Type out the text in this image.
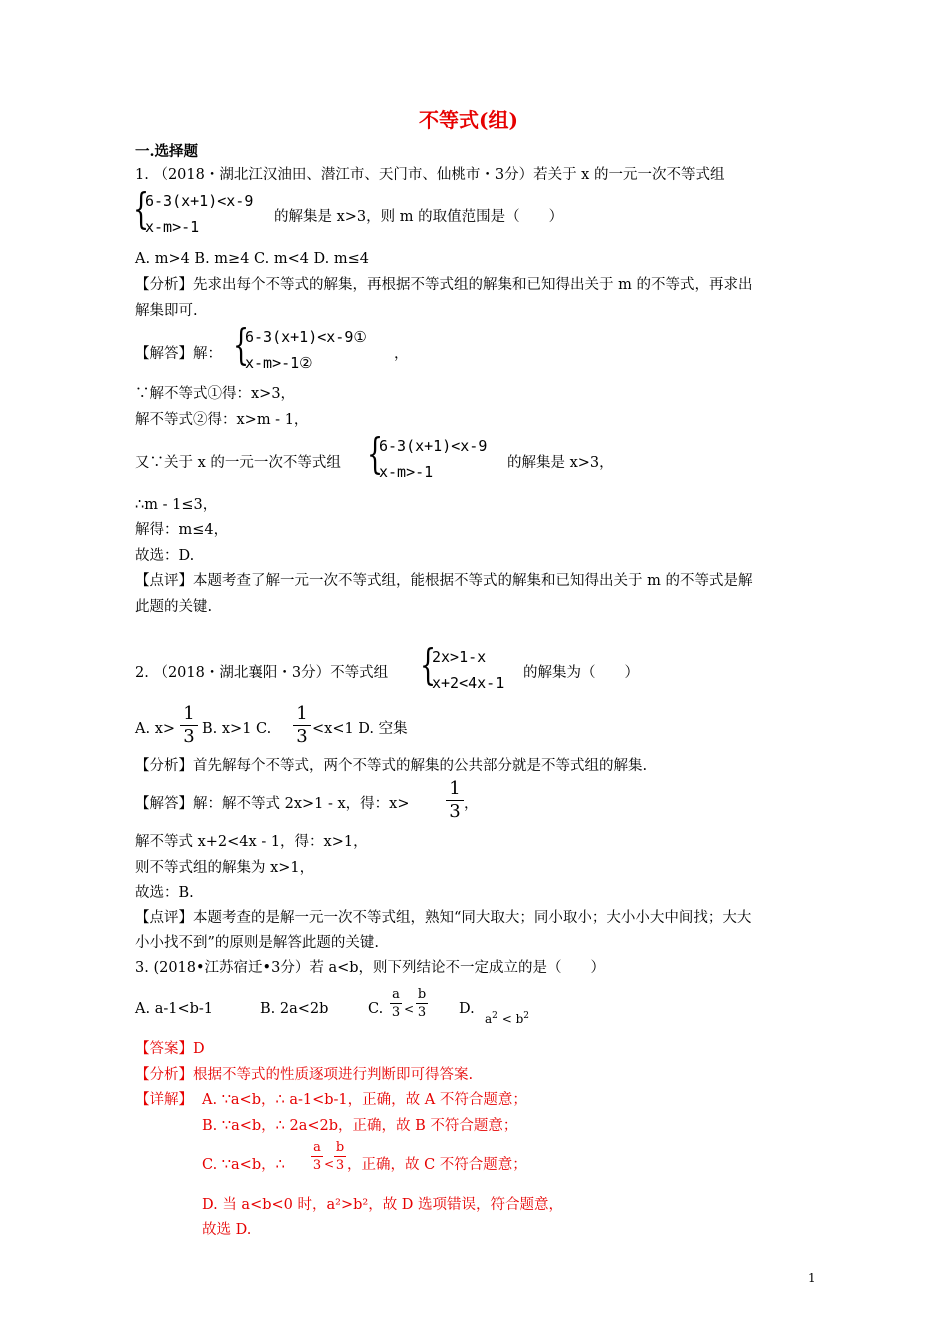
不等式(组)
一.选择题
1. （2018・湖北江汉油田、潜江市、天门市、仙桃市・3分）若关于 x 的一元一次不等式组
{
6-3(x+1)<x-9
x-m>-1
的解集是 x>3，则 m 的取值范围是（　　）
A. m>4 B. m≥4 C. m<4 D. m≤4
【分析】先求出每个不等式的解集，再根据不等式组的解集和已知得出关于 m 的不等式，再求出
解集即可.
【解答】解： {
6-3(x+1)<x-9①
x-m>-1②	，
∵解不等式①得：x>3，
解不等式②得：x>m - 1，
又∵关于 x 的一元一次不等式组 {
6-3(x+1)<x-9
x-m>-1	的解集是 x>3，
∴m - 1≤3，
解得：m≤4，
故选：D.
【点评】本题考查了解一元一次不等式组，能根据不等式的解集和已知得出关于 m 的不等式是解
此题的关键.
2. （2018・湖北襄阳・3分）不等式组 {
2x>1-x
x+2<4x-1
的解集为（　　）
A. x>
1
3 B. x>1 C.
1
3 <x<1 D. 空集
【分析】首先解每个不等式，两个不等式的解集的公共部分就是不等式组的解集.
【解答】解：解不等式 2x>1 - x，得：x>
1
3 ，
解不等式 x+2<4x - 1，得：x>1，
则不等式组的解集为 x>1，
故选：B.
【点评】本题考查的是解一元一次不等式组，熟知“同大取大；同小取小；大小小大中间找；大大
小小找不到”的原则是解答此题的关键.
3. (2018•江苏宿迁•3分）若 a<b，则下列结论不一定成立的是（　　）
A. a-1<b-1	B. 2a<2b	C.
a
3 <
b
3 D.
$a^2 < b^2$
【答案】D
【分析】根据不等式的性质逐项进行判断即可得答案.
【详解】 A. ∵a<b，∴ a-1<b-1，正确，故 A 不符合题意；
B. ∵a<b，∴ 2a<2b，正确，故 B 不符合题意；
C. ∵a<b，∴
a
3 <
b
3 ，正确，故 C 不符合题意；
D. 当 a<b<0 时，a²>b²，故 D 选项错误，符合题意，
故选 D.
1
